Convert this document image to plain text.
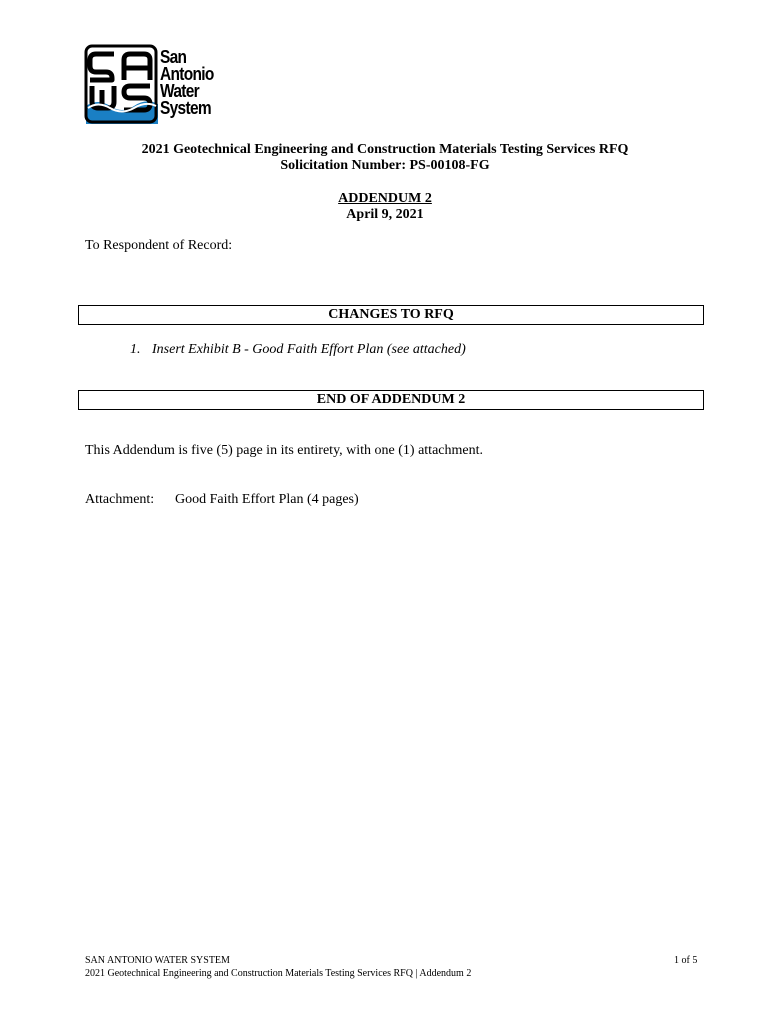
San
Antonio
Water
System
2021 Geotechnical Engineering and Construction Materials Testing Services RFQ
Solicitation Number: PS-00108-FG
ADDENDUM 2
April 9, 2021
To Respondent of Record:
CHANGES TO RFQ
1. Insert Exhibit B - Good Faith Effort Plan (see attached)
END OF ADDENDUM 2
This Addendum is five (5) page in its entirety, with one (1) attachment.
Attachment: Good Faith Effort Plan (4 pages)
SAN ANTONIO WATER SYSTEM
2021 Geotechnical Engineering and Construction Materials Testing Services RFQ | Addendum 2
1 of 5
